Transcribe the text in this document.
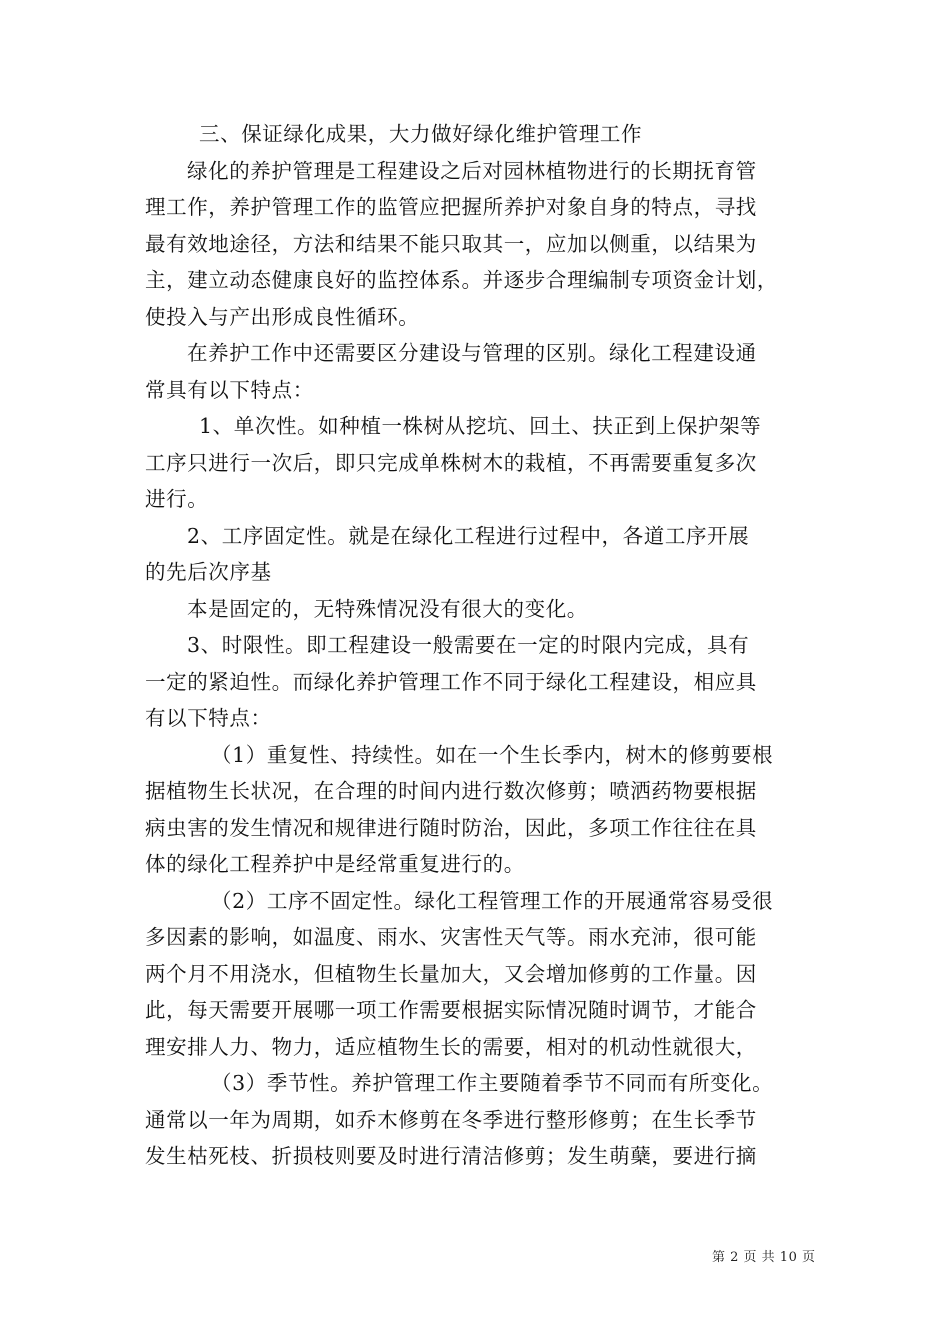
三、保证绿化成果，大力做好绿化维护管理工作
绿化的养护管理是工程建设之后对园林植物进行的长期抚育管
理工作，养护管理工作的监管应把握所养护对象自身的特点，寻找
最有效地途径，方法和结果不能只取其一，应加以侧重，以结果为
主，建立动态健康良好的监控体系。并逐步合理编制专项资金计划，
使投入与产出形成良性循环。
在养护工作中还需要区分建设与管理的区别。绿化工程建设通
常具有以下特点：
1、单次性。如种植一株树从挖坑、回土、扶正到上保护架等
工序只进行一次后，即只完成单株树木的栽植，不再需要重复多次
进行。
2、工序固定性。就是在绿化工程进行过程中，各道工序开展
的先后次序基
本是固定的，无特殊情况没有很大的变化。
3、时限性。即工程建设一般需要在一定的时限内完成，具有
一定的紧迫性。而绿化养护管理工作不同于绿化工程建设，相应具
有以下特点：
（1）重复性、持续性。如在一个生长季内，树木的修剪要根
据植物生长状况，在合理的时间内进行数次修剪；喷洒药物要根据
病虫害的发生情况和规律进行随时防治，因此，多项工作往往在具
体的绿化工程养护中是经常重复进行的。
（2）工序不固定性。绿化工程管理工作的开展通常容易受很
多因素的影响，如温度、雨水、灾害性天气等。雨水充沛，很可能
两个月不用浇水，但植物生长量加大，又会增加修剪的工作量。因
此，每天需要开展哪一项工作需要根据实际情况随时调节，才能合
理安排人力、物力，适应植物生长的需要，相对的机动性就很大，
（3）季节性。养护管理工作主要随着季节不同而有所变化。
通常以一年为周期，如乔木修剪在冬季进行整形修剪；在生长季节
发生枯死枝、折损枝则要及时进行清洁修剪；发生萌蘖，要进行摘
第 2 页 共 10 页
